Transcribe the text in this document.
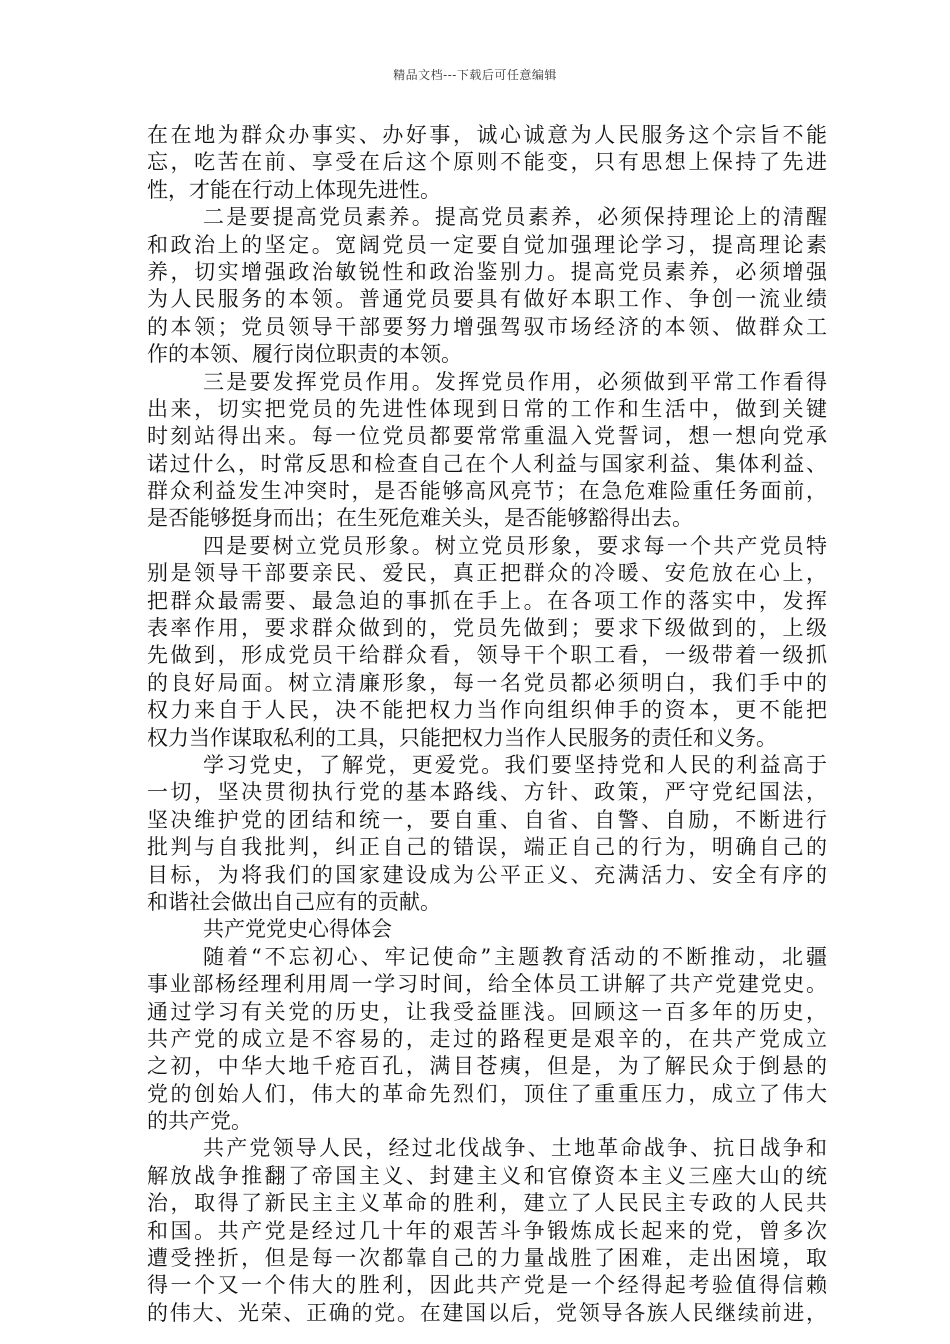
精品文档---下载后可任意编辑
在在地为群众办事实、办好事，诚心诚意为人民服务这个宗旨不能
忘，吃苦在前、享受在后这个原则不能变，只有思想上保持了先进
性，才能在行动上体现先进性。
二是要提高党员素养。提高党员素养，必须保持理论上的清醒
和政治上的坚定。宽阔党员一定要自觉加强理论学习，提高理论素
养，切实增强政治敏锐性和政治鉴别力。提高党员素养，必须增强
为人民服务的本领。普通党员要具有做好本职工作、争创一流业绩
的本领；党员领导干部要努力增强驾驭市场经济的本领、做群众工
作的本领、履行岗位职责的本领。
三是要发挥党员作用。发挥党员作用，必须做到平常工作看得
出来，切实把党员的先进性体现到日常的工作和生活中，做到关键
时刻站得出来。每一位党员都要常常重温入党誓词，想一想向党承
诺过什么，时常反思和检查自己在个人利益与国家利益、集体利益、
群众利益发生冲突时，是否能够高风亮节；在急危难险重任务面前，
是否能够挺身而出；在生死危难关头，是否能够豁得出去。
四是要树立党员形象。树立党员形象，要求每一个共产党员特
别是领导干部要亲民、爱民，真正把群众的冷暖、安危放在心上，
把群众最需要、最急迫的事抓在手上。在各项工作的落实中，发挥
表率作用，要求群众做到的，党员先做到；要求下级做到的，上级
先做到，形成党员干给群众看，领导干个职工看，一级带着一级抓
的良好局面。树立清廉形象，每一名党员都必须明白，我们手中的
权力来自于人民，决不能把权力当作向组织伸手的资本，更不能把
权力当作谋取私利的工具，只能把权力当作人民服务的责任和义务。
学习党史，了解党，更爱党。我们要坚持党和人民的利益高于
一切，坚决贯彻执行党的基本路线、方针、政策，严守党纪国法，
坚决维护党的团结和统一，要自重、自省、自警、自励，不断进行
批判与自我批判，纠正自己的错误，端正自己的行为，明确自己的
目标，为将我们的国家建设成为公平正义、充满活力、安全有序的
和谐社会做出自己应有的贡献。
共产党党史心得体会
随着“不忘初心、牢记使命”主题教育活动的不断推动，北疆
事业部杨经理利用周一学习时间，给全体员工讲解了共产党建党史。
通过学习有关党的历史，让我受益匪浅。回顾这一百多年的历史，
共产党的成立是不容易的，走过的路程更是艰辛的，在共产党成立
之初，中华大地千疮百孔，满目苍痍，但是，为了解民众于倒悬的
党的创始人们，伟大的革命先烈们，顶住了重重压力，成立了伟大
的共产党。
共产党领导人民，经过北伐战争、土地革命战争、抗日战争和
解放战争推翻了帝国主义、封建主义和官僚资本主义三座大山的统
治，取得了新民主主义革命的胜利，建立了人民民主专政的人民共
和国。共产党是经过几十年的艰苦斗争锻炼成长起来的党，曾多次
遭受挫折，但是每一次都靠自己的力量战胜了困难，走出困境，取
得一个又一个伟大的胜利，因此共产党是一个经得起考验值得信赖
的伟大、光荣、正确的党。在建国以后，党领导各族人民继续前进，
